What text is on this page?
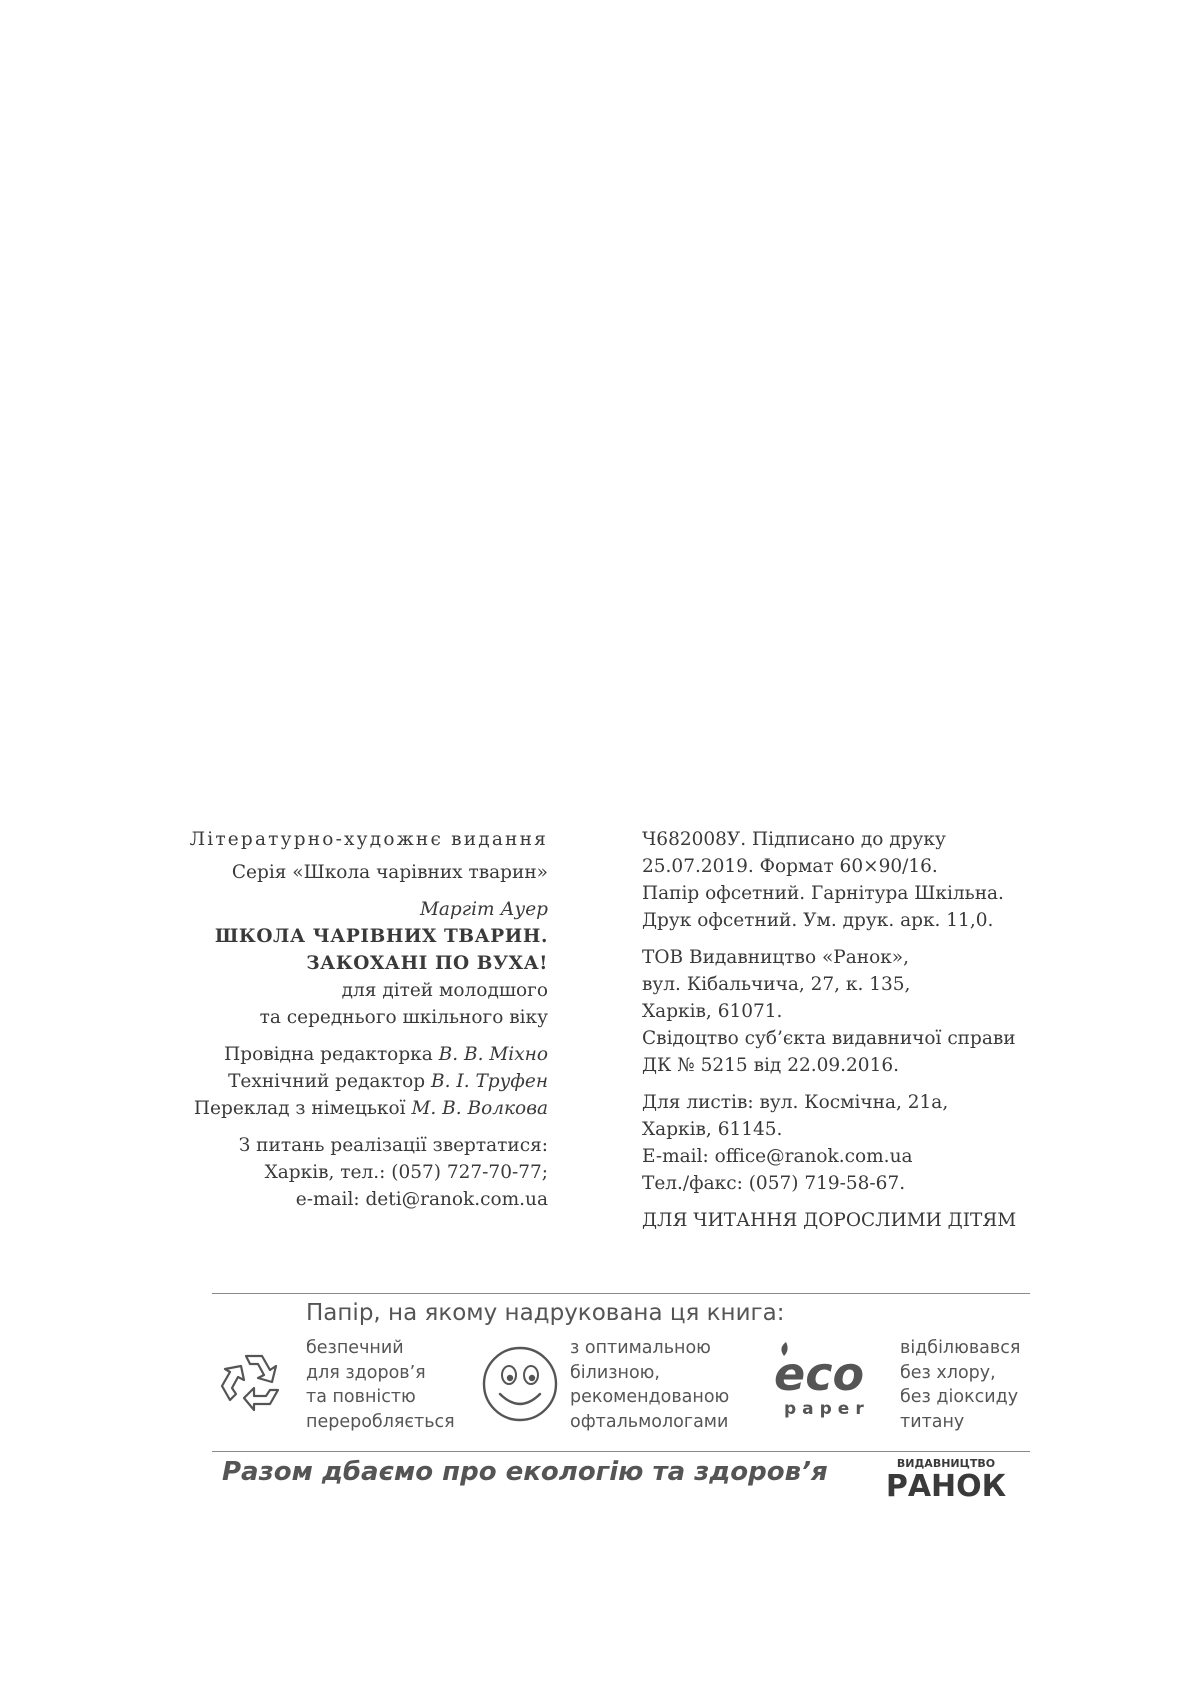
Літературно-художнє видання
Серія «Школа чарівних тварин»
Маргіт Ауер
ШКОЛА ЧАРІВНИХ ТВАРИН.
ЗАКОХАНІ ПО ВУХА!
для дітей молодшого
та середнього шкільного віку
Провідна редакторка В. В. Міхно
Технічний редактор В. І. Труфен
Переклад з німецької М. В. Волкова
З питань реалізації звертатися:
Харків, тел.: (057) 727-70-77;
e-mail: deti@ranok.com.ua
Ч682008У. Підписано до друку
25.07.2019. Формат 60×90/16.
Папір офсетний. Гарнітура Шкільна.
Друк офсетний. Ум. друк. арк. 11,0.
ТОВ Видавництво «Ранок»,
вул. Кібальчича, 27, к. 135,
Харків, 61071.
Свідоцтво суб’єкта видавничої справи
ДК № 5215 від 22.09.2016.
Для листів: вул. Космічна, 21а,
Харків, 61145.
E-mail: office@ranok.com.ua
Тел./факс: (057) 719-58-67.
ДЛЯ ЧИТАННЯ ДОРОСЛИМИ ДІТЯМ
Папір, на якому надрукована ця книга:
eco
paper
безпечний
для здоров’я
та повністю
переробляється
з оптимальною
білизною,
рекомендованою
офтальмологами
відбілювався
без хлору,
без діоксиду
титану
Разом дбаємо про екологію та здоров’я	ВИДАВНИЦТВО
РАНОК
